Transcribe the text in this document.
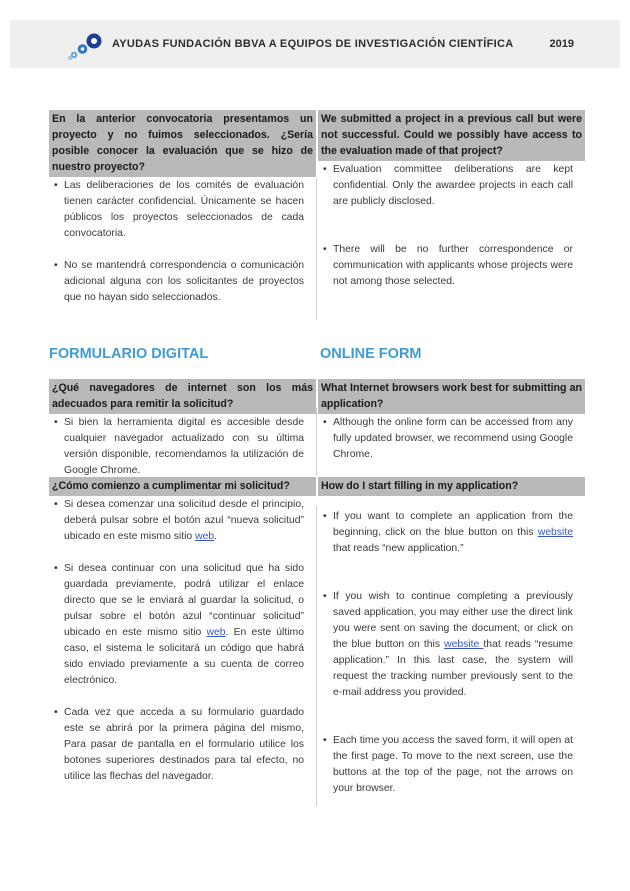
AYUDAS FUNDACIÓN BBVA A EQUIPOS DE INVESTIGACIÓN CIENTÍFICA	2019
En la anterior convocatoria presentamos un proyecto y no fuimos seleccionados. ¿Sería posible conocer la evaluación que se hizo de nuestro proyecto?
• Las deliberaciones de los comités de evaluación tienen carácter confidencial. Únicamente se hacen públicos los proyectos seleccionados de cada convocatoria.
• No se mantendrá correspondencia o comunicación adicional alguna con los solicitantes de proyectos que no hayan sido seleccionados.
We submitted a project in a previous call but were not successful. Could we possibly have access to the evaluation made of that project?
• Evaluation committee deliberations are kept confidential. Only the awardee projects in each call are publicly disclosed.
• There will be no further correspondence or communication with applicants whose projects were not among those selected.
FORMULARIO DIGITAL	ONLINE FORM
¿Qué navegadores de internet son los más adecuados para remitir la solicitud?
• Si bien la herramienta digital es accesible desde cualquier navegador actualizado con su última versión disponible, recomendamos la utilización de Google Chrome.
What Internet browsers work best for submitting an application?
• Although the online form can be accessed from any fully updated browser, we recommend using Google Chrome.
¿Cómo comienzo a cumplimentar mi solicitud?
• Si desea comenzar una solicitud desde el principio, deberá pulsar sobre el botón azul “nueva solicitud” ubicado en este mismo sitio web.
• Si desea continuar con una solicitud que ha sido guardada previamente, podrá utilizar el enlace directo que se le enviará al guardar la solicitud, o pulsar sobre el botón azul “continuar solicitud” ubicado en este mismo sitio web. En este último caso, el sistema le solicitará un código que habrá sido enviado previamente a su cuenta de correo electrónico.
• Cada vez que acceda a su formulario guardado este se abrirá por la primera página del mismo, Para pasar de pantalla en el formulario utilice los botones superiores destinados para tal efecto, no utilice las flechas del navegador.
How do I start filling in my application?
• If you want to complete an application from the beginning, click on the blue button on this website that reads “new application.”
• If you wish to continue completing a previously saved application, you may either use the direct link you were sent on saving the document, or click on the blue button on this website that reads “resume application.” In this last case, the system will request the tracking number previously sent to the e-mail address you provided.
• Each time you access the saved form, it will open at the first page. To move to the next screen, use the buttons at the top of the page, not the arrows on your browser.
